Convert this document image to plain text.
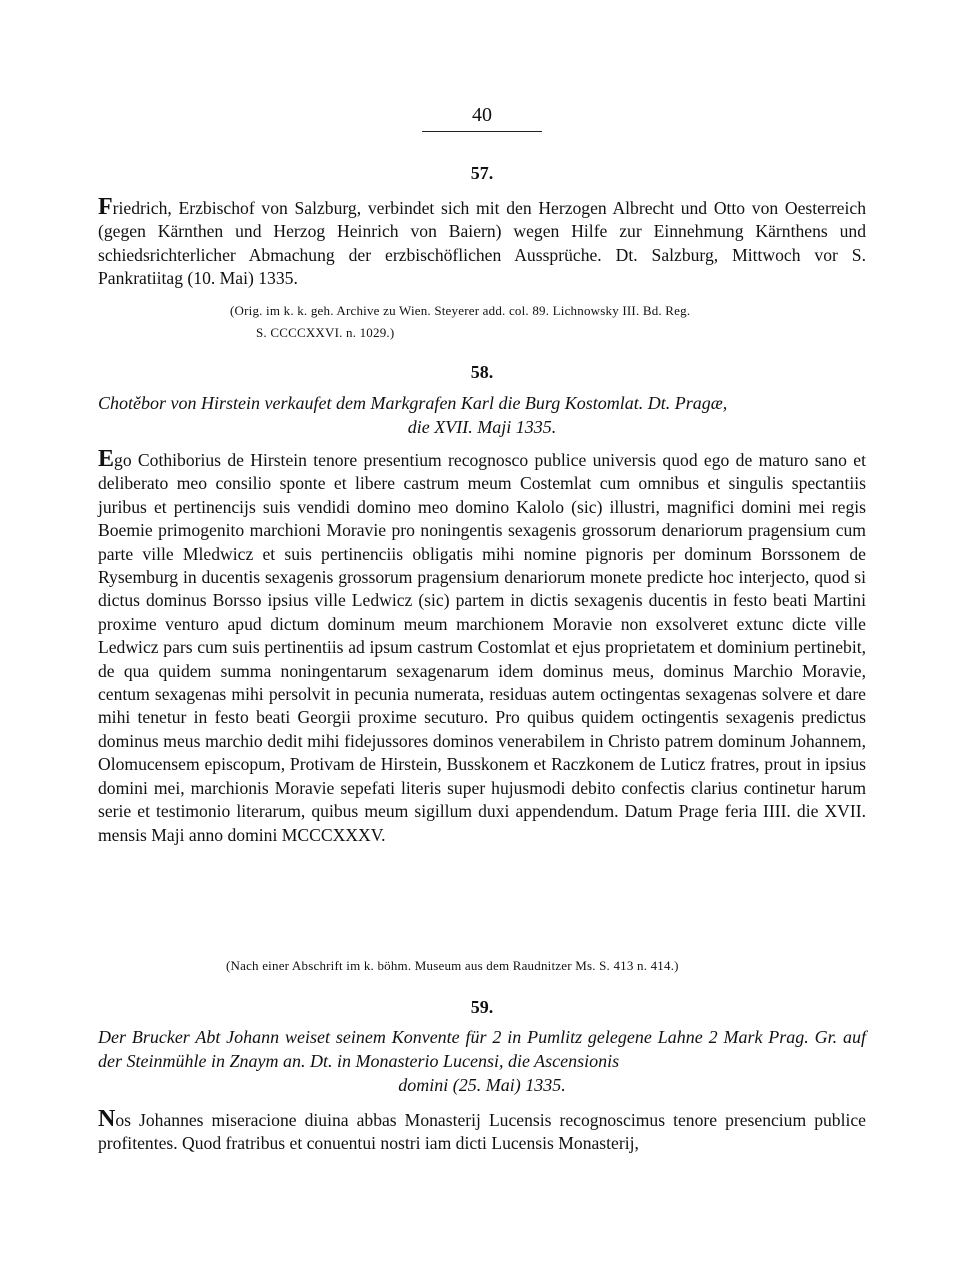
40
57.
Friedrich, Erzbischof von Salzburg, verbindet sich mit den Herzogen Albrecht und Otto von Oesterreich (gegen Kärnthen und Herzog Heinrich von Baiern) wegen Hilfe zur Einnehmung Kärnthens und schiedsrichterlicher Abmachung der erzbischöflichen Aussprüche. Dt. Salzburg, Mittwoch vor S. Pankratiitag (10. Mai) 1335.
(Orig. im k. k. geh. Archive zu Wien. Steyerer add. col. 89. Lichnowsky III. Bd. Reg.
S. CCCCXXVI. n. 1029.)
58.
Chotěbor von Hirstein verkaufet dem Markgrafen Karl die Burg Kostomlat. Dt. Pragæ,
die XVII. Maji 1335.
Ego Cothiborius de Hirstein tenore presentium recognosco publice universis quod ego de maturo sano et deliberato meo consilio sponte et libere castrum meum Costemlat cum omnibus et singulis spectantiis juribus et pertinencijs suis vendidi domino meo domino Kalolo (sic) illustri, magnifici domini mei regis Boemie primogenito marchioni Moravie pro noningentis sexagenis grossorum denariorum pragensium cum parte ville Mledwicz et suis pertinenciis obligatis mihi nomine pignoris per dominum Borssonem de Rysemburg in ducentis sexagenis grossorum pragensium denariorum monete predicte hoc interjecto, quod si dictus dominus Borsso ipsius ville Ledwicz (sic) partem in dictis sexagenis ducentis in festo beati Martini proxime venturo apud dictum dominum meum marchionem Moravie non exsolveret extunc dicte ville Ledwicz pars cum suis pertinentiis ad ipsum castrum Costomlat et ejus proprietatem et dominium pertinebit, de qua quidem summa noningentarum sexagenarum idem dominus meus, dominus Marchio Moravie, centum sexagenas mihi persolvit in pecunia numerata, residuas autem octingentas sexagenas solvere et dare mihi tenetur in festo beati Georgii proxime secuturo. Pro quibus quidem octingentis sexagenis predictus dominus meus marchio dedit mihi fidejussores dominos venerabilem in Christo patrem dominum Johannem, Olomucensem episcopum, Protivam de Hirstein, Busskonem et Raczkonem de Luticz fratres, prout in ipsius domini mei, marchionis Moravie sepefati literis super hujusmodi debito confectis clarius continetur harum serie et testimonio literarum, quibus meum sigillum duxi appendendum. Datum Prage feria IIII. die XVII. mensis Maji anno domini MCCCXXXV.
(Nach einer Abschrift im k. böhm. Museum aus dem Raudnitzer Ms. S. 413 n. 414.)
59.
Der Brucker Abt Johann weiset seinem Konvente für 2 in Pumlitz gelegene Lahne 2 Mark Prag. Gr. auf der Steinmühle in Znaym an. Dt. in Monasterio Lucensi, die Ascensionis
domini (25. Mai) 1335.
Nos Johannes miseracione diuina abbas Monasterij Lucensis recognoscimus tenore presencium publice profitentes. Quod fratribus et conuentui nostri iam dicti Lucensis Monasterij,
